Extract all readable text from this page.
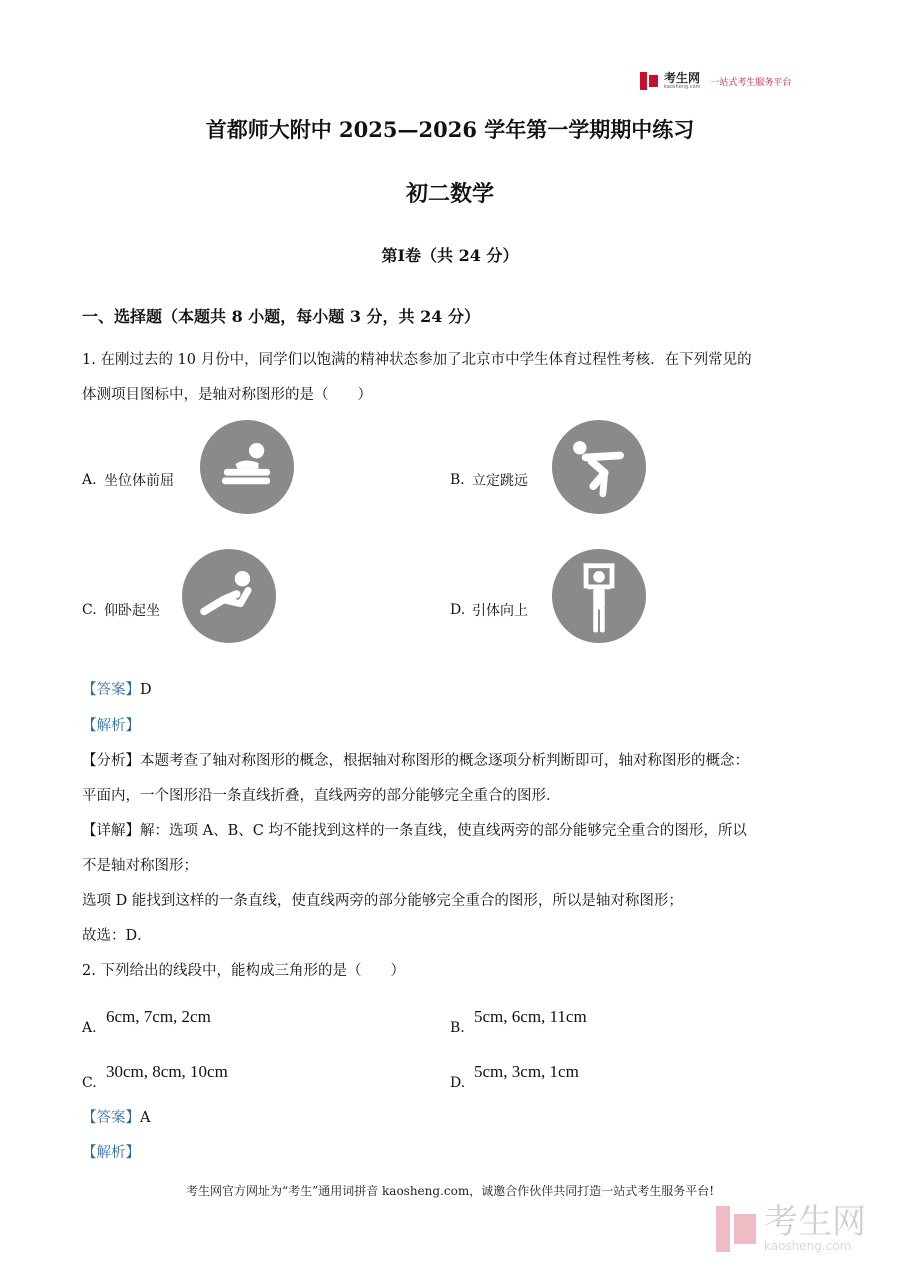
考生网
kaosheng.com 一站式考生服务平台
首都师大附中 2025—2026 学年第一学期期中练习
初二数学
第Ⅰ卷（共 24 分）
一、选择题（本题共 8 小题，每小题 3 分，共 24 分）
1. 在刚过去的 10 月份中，同学们以饱满的精神状态参加了北京市中学生体育过程性考核．在下列常见的
体测项目图标中，是轴对称图形的是（　　）
A. 坐位体前屈	B. 立定跳远
C. 仰卧起坐	D. 引体向上
【答案】D
【解析】
【分析】本题考查了轴对称图形的概念，根据轴对称图形的概念逐项分析判断即可，轴对称图形的概念：
平面内，一个图形沿一条直线折叠，直线两旁的部分能够完全重合的图形．
【详解】解：选项 A、B、C 均不能找到这样的一条直线，使直线两旁的部分能够完全重合的图形，所以
不是轴对称图形；
选项 D 能找到这样的一条直线，使直线两旁的部分能够完全重合的图形，所以是轴对称图形；
故选：D．
2. 下列给出的线段中，能构成三角形的是（　　）
A.
6cm, 7cm, 2cm
B.
5cm, 6cm, 11cm
C.
30cm, 8cm, 10cm
D.
5cm, 3cm, 1cm
【答案】A
【解析】
考生网官方网址为“考生”通用词拼音 kaosheng.com，诚邀合作伙伴共同打造一站式考生服务平台!
考生网
kaosheng.com
